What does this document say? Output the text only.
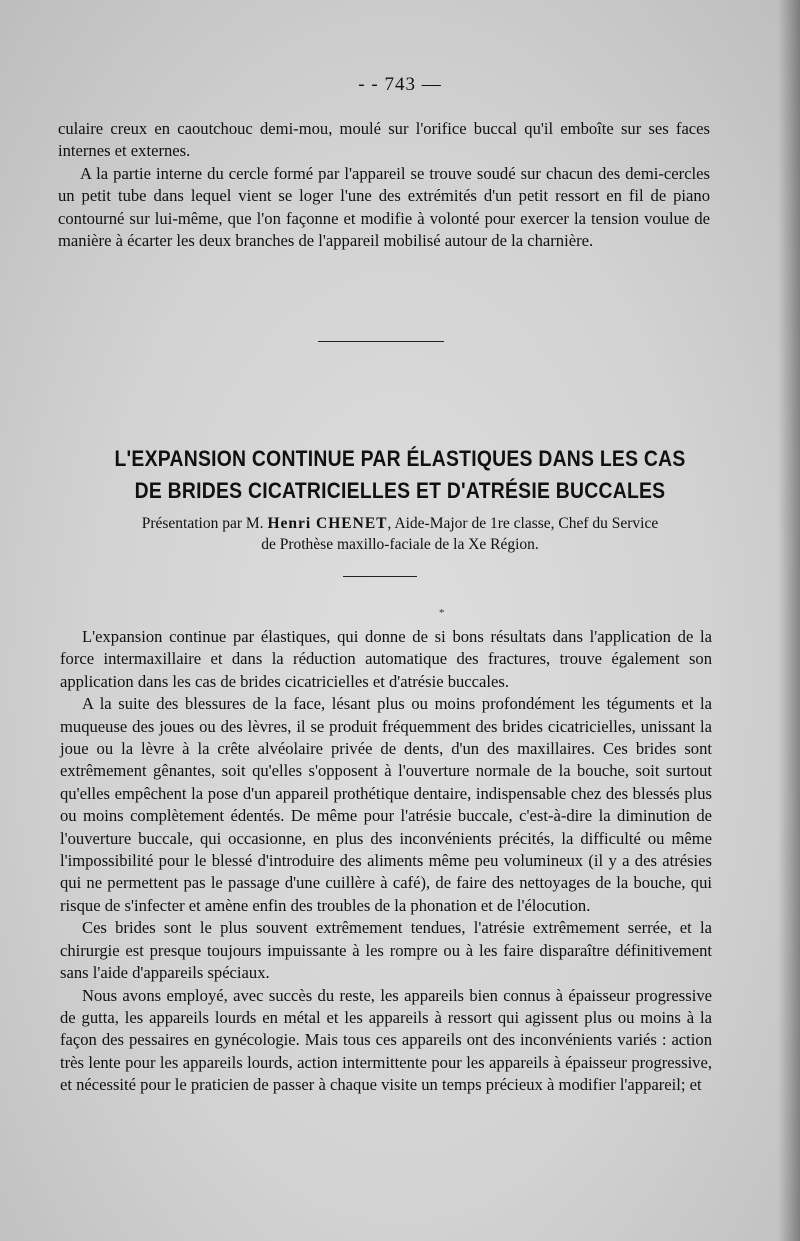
- - 743 —

culaire creux en caoutchouc demi-mou, moulé sur l'orifice buccal qu'il emboîte sur ses faces internes et externes.

A la partie interne du cercle formé par l'appareil se trouve soudé sur chacun des demi-cercles un petit tube dans lequel vient se loger l'une des extrémités d'un petit ressort en fil de piano contourné sur lui-même, que l'on façonne et modifie à volonté pour exercer la tension voulue de manière à écarter les deux branches de l'appareil mobilisé autour de la charnière.

L'EXPANSION CONTINUE PAR ÉLASTIQUES DANS LES CAS
DE BRIDES CICATRICIELLES ET D'ATRÉSIE BUCCALES
Présentation par M. Henri CHENET, Aide-Major de 1re classe, Chef du Service
de Prothèse maxillo-faciale de la Xe Région.
*

L'expansion continue par élastiques, qui donne de si bons résultats dans l'application de la force intermaxillaire et dans la réduction automatique des fractures, trouve également son application dans les cas de brides cicatricielles et d'atrésie buccales.

A la suite des blessures de la face, lésant plus ou moins profondément les téguments et la muqueuse des joues ou des lèvres, il se produit fréquemment des brides cicatricielles, unissant la joue ou la lèvre à la crête alvéolaire privée de dents, d'un des maxillaires. Ces brides sont extrêmement gênantes, soit qu'elles s'opposent à l'ouverture normale de la bouche, soit surtout qu'elles empêchent la pose d'un appareil prothétique dentaire, indispensable chez des blessés plus ou moins complètement édentés. De même pour l'atrésie buccale, c'est-à-dire la diminution de l'ouverture buccale, qui occasionne, en plus des inconvénients précités, la difficulté ou même l'impossibilité pour le blessé d'introduire des aliments même peu volumineux (il y a des atrésies qui ne permettent pas le passage d'une cuillère à café), de faire des nettoyages de la bouche, qui risque de s'infecter et amène enfin des troubles de la phonation et de l'élocution.

Ces brides sont le plus souvent extrêmement tendues, l'atrésie extrêmement serrée, et la chirurgie est presque toujours impuissante à les rompre ou à les faire disparaître définitivement sans l'aide d'appareils spéciaux.

Nous avons employé, avec succès du reste, les appareils bien connus à épaisseur progressive de gutta, les appareils lourds en métal et les appareils à ressort qui agissent plus ou moins à la façon des pessaires en gynécologie. Mais tous ces appareils ont des inconvénients variés : action très lente pour les appareils lourds, action intermittente pour les appareils à épaisseur progressive, et nécessité pour le praticien de passer à chaque visite un temps précieux à modifier l'appareil; et
